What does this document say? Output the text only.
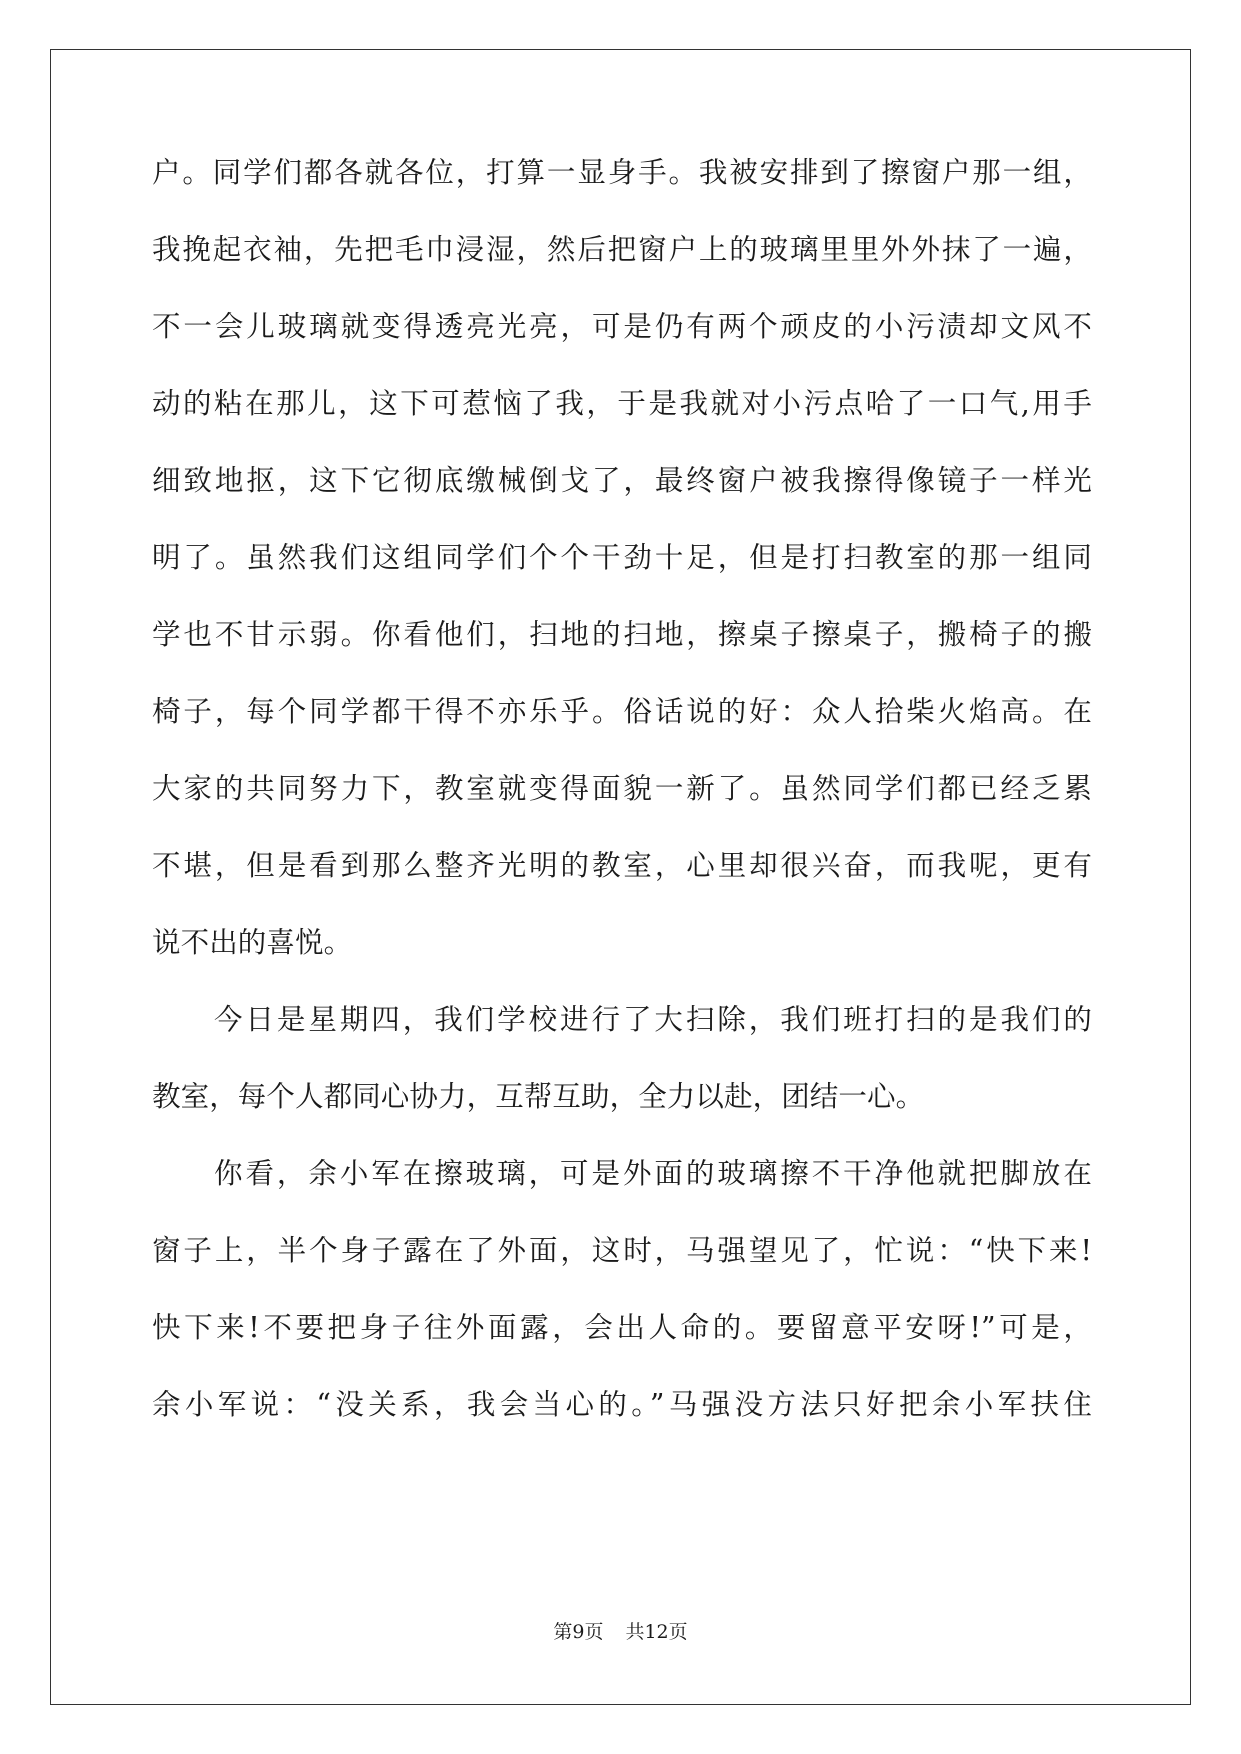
户。同学们都各就各位，打算一显身手。我被安排到了擦窗户那一组，
我挽起衣袖，先把毛巾浸湿，然后把窗户上的玻璃里里外外抹了一遍，
不一会儿玻璃就变得透亮光亮，可是仍有两个顽皮的小污渍却文风不
动的粘在那儿，这下可惹恼了我，于是我就对小污点哈了一口气,用手
细致地抠，这下它彻底缴械倒戈了，最终窗户被我擦得像镜子一样光
明了。虽然我们这组同学们个个干劲十足，但是打扫教室的那一组同
学也不甘示弱。你看他们，扫地的扫地，擦桌子擦桌子，搬椅子的搬
椅子，每个同学都干得不亦乐乎。俗话说的好：众人拾柴火焰高。在
大家的共同努力下，教室就变得面貌一新了。虽然同学们都已经乏累
不堪，但是看到那么整齐光明的教室，心里却很兴奋，而我呢，更有
说不出的喜悦。
今日是星期四，我们学校进行了大扫除，我们班打扫的是我们的
教室，每个人都同心协力，互帮互助，全力以赴，团结一心。
你看，余小军在擦玻璃，可是外面的玻璃擦不干净他就把脚放在
窗子上，半个身子露在了外面，这时，马强望见了，忙说：“快下来!
快下来!不要把身子往外面露，会出人命的。要留意平安呀!”可是，
余小军说：“没关系，我会当心的。”马强没方法只好把余小军扶住
第9页 共12页
